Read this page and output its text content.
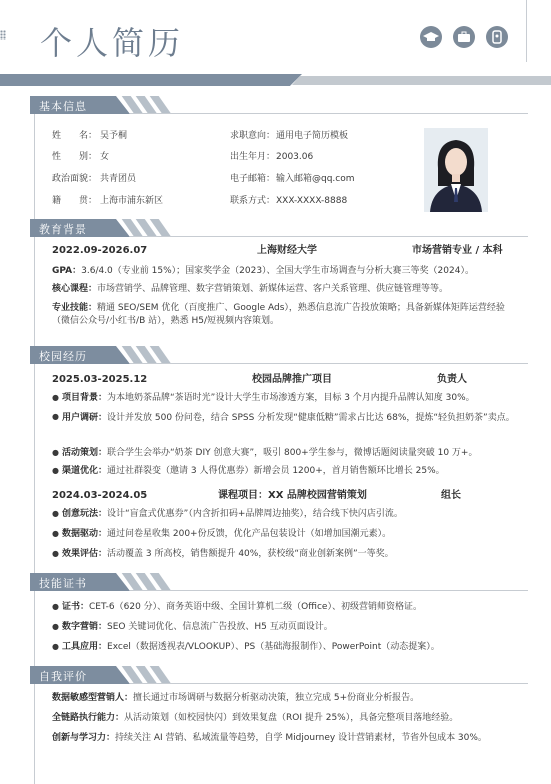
个人简历
基本信息
姓　　名： 吴予桐
性　　别： 女
政治面貌： 共青团员
籍　　贯： 上海市浦东新区
求职意向： 通用电子简历模板
出生年月： 2003.06
电子邮箱： 输入邮箱@qq.com
联系方式： XXX-XXXX-8888
教育背景
2022.09-2026.07	上海财经大学	市场营销专业 / 本科
GPA：3.6/4.0（专业前 15%）；国家奖学金（2023）、全国大学生市场调查与分析大赛三等奖（2024）。
核心课程：市场营销学、品牌管理、数字营销策划、新媒体运营、客户关系管理、供应链管理等等。
专业技能：精通 SEO/SEM 优化（百度推广、Google Ads），熟悉信息流广告投放策略；具备新媒体矩阵运营经验（微信公众号/小红书/B 站），熟悉 H5/短视频内容策划。
校园经历
2025.03-2025.12	校园品牌推广项目	负责人
● 项目背景：为本地奶茶品牌“茶语时光”设计大学生市场渗透方案，目标 3 个月内提升品牌认知度 30%。
● 用户调研：设计并发放 500 份问卷，结合 SPSS 分析发现“健康低糖”需求占比达 68%，提炼“轻负担奶茶”卖点。
● 活动策划：联合学生会举办“奶茶 DIY 创意大赛”，吸引 800+学生参与，微博话题阅读量突破 10 万+。
● 渠道优化：通过社群裂变（邀请 3 人得优惠券）新增会员 1200+，首月销售额环比增长 25%。
2024.03-2024.05	课程项目：XX 品牌校园营销策划	组长
● 创意玩法：设计“盲盒式优惠券”（内含折扣码+品牌周边抽奖），结合线下快闪店引流。
● 数据驱动：通过问卷星收集 200+份反馈，优化产品包装设计（如增加国潮元素）。
● 效果评估：活动覆盖 3 所高校，销售额提升 40%，获校级“商业创新案例”一等奖。
技能证书
● 证书：CET-6（620 分）、商务英语中级、全国计算机二级（Office）、初级营销师资格证。
● 数字营销：SEO 关键词优化、信息流广告投放、H5 互动页面设计。
● 工具应用：Excel（数据透视表/VLOOKUP）、PS（基础海报制作）、PowerPoint（动态提案）。
自我评价
数据敏感型营销人：擅长通过市场调研与数据分析驱动决策，独立完成 5+份商业分析报告。
全链路执行能力：从活动策划（如校园快闪）到效果复盘（ROI 提升 25%），具备完整项目落地经验。
创新与学习力：持续关注 AI 营销、私域流量等趋势，自学 Midjourney 设计营销素材，节省外包成本 30%。
